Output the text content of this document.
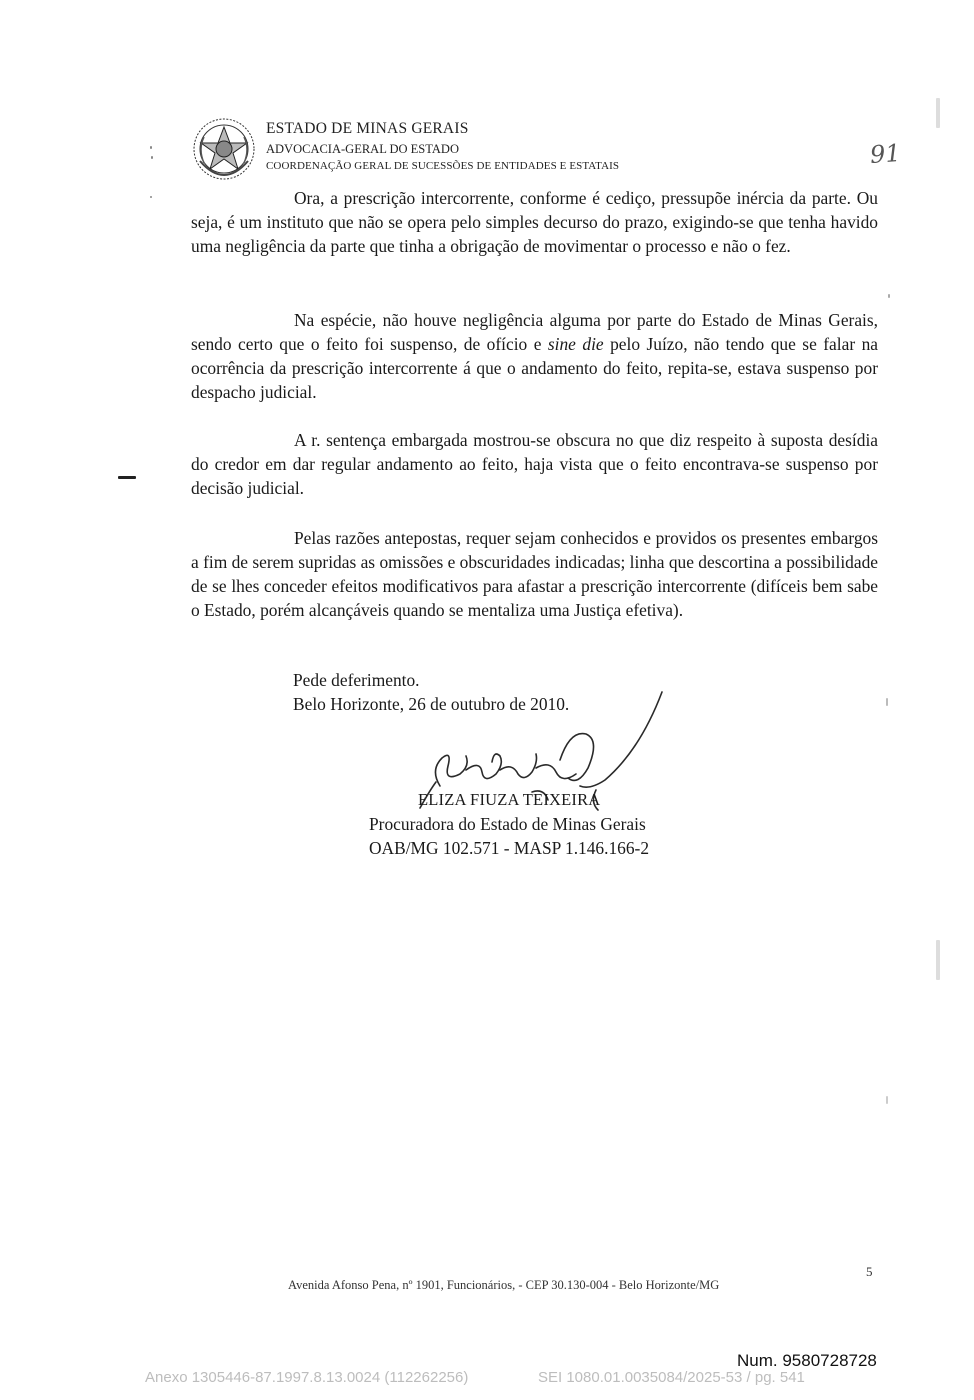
ESTADO DE MINAS GERAIS
ADVOCACIA-GERAL DO ESTADO
COORDENAÇÃO GERAL DE SUCESSÕES DE ENTIDADES E ESTATAIS	91
Ora, a prescrição intercorrente, conforme é cediço, pressupõe inércia da parte. Ou seja, é um instituto que não se opera pelo simples decurso do prazo, exigindo-se que tenha havido uma negligência da parte que tinha a obrigação de movimentar o processo e não o fez.
Na espécie, não houve negligência alguma por parte do Estado de Minas Gerais, sendo certo que o feito foi suspenso, de ofício e sine die pelo Juízo, não tendo que se falar na ocorrência da prescrição intercorrente á que o andamento do feito, repita-se, estava suspenso por despacho judicial.
A r. sentença embargada mostrou-se obscura no que diz respeito à suposta desídia do credor em dar regular andamento ao feito, haja vista que o feito encontrava-se suspenso por decisão judicial.
Pelas razões antepostas, requer sejam conhecidos e providos os presentes embargos a fim de serem supridas as omissões e obscuridades indicadas; linha que descortina a possibilidade de se lhes conceder efeitos modificativos para afastar a prescrição intercorrente (difíceis bem sabe o Estado, porém alcançáveis quando se mentaliza uma Justiça efetiva).
Pede deferimento.
Belo Horizonte, 26 de outubro de 2010.
ELIZA FIUZA TEIXEIRA
Procuradora do Estado de Minas Gerais
OAB/MG 102.571 - MASP 1.146.166-2
5
Avenida Afonso Pena, nº 1901, Funcionários, - CEP 30.130-004 - Belo Horizonte/MG
Num. 9580728728
Anexo 1305446-87.1997.8.13.0024 (112262256)	SEI 1080.01.0035084/2025-53 / pg. 541
